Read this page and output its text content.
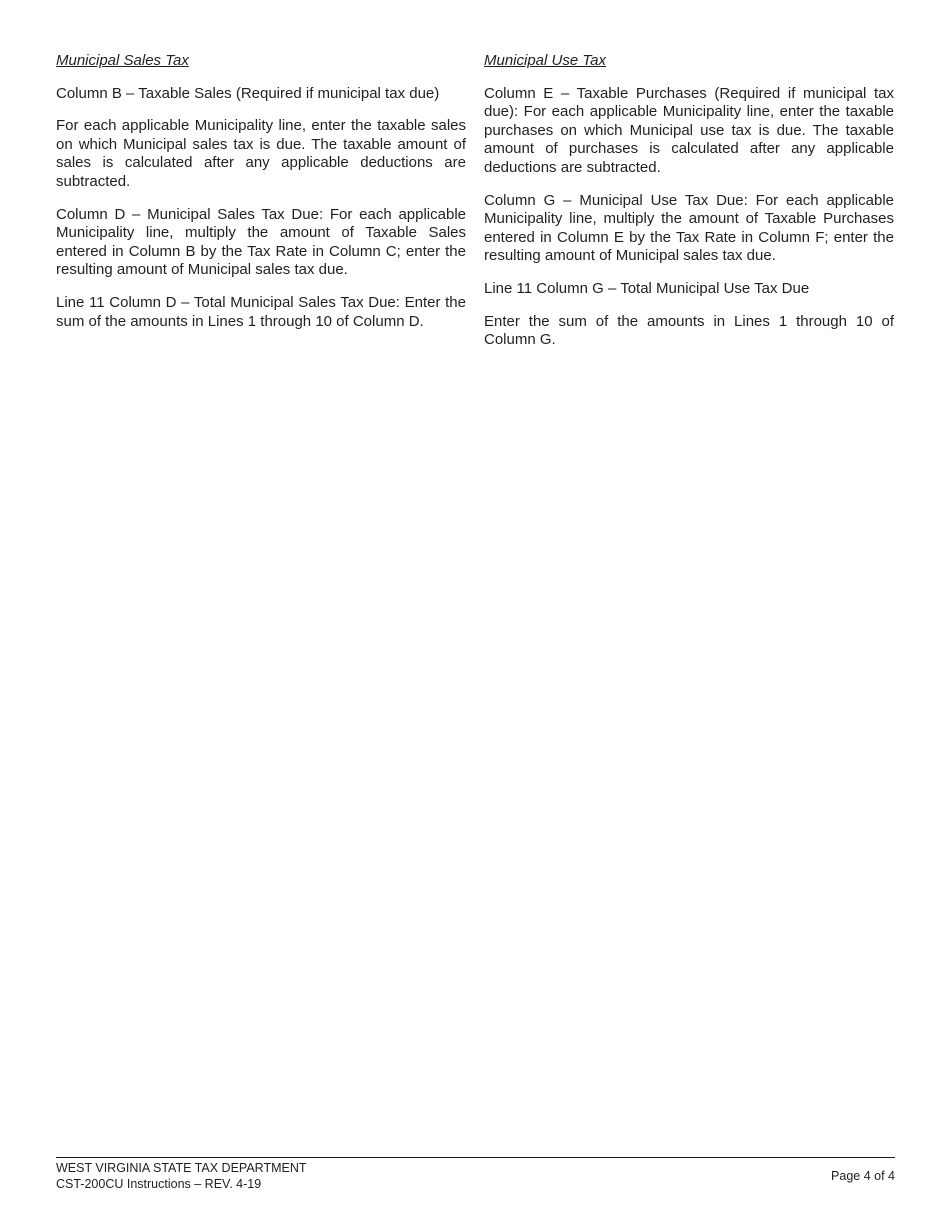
Municipal Sales Tax

Column B – Taxable Sales (Required if municipal tax due)

For each applicable Municipality line, enter the taxable sales on which Municipal sales tax is due. The taxable amount of sales is calculated after any applicable deductions are subtracted.

Column D – Municipal Sales Tax Due: For each applicable Municipality line, multiply the amount of Taxable Sales entered in Column B by the Tax Rate in Column C; enter the resulting amount of Municipal sales tax due.

Line 11 Column D – Total Municipal Sales Tax Due: Enter the sum of the amounts in Lines 1 through 10 of Column D.

Municipal Use Tax

Column E – Taxable Purchases (Required if municipal tax due): For each applicable Municipality line, enter the taxable purchases on which Municipal use tax is due. The taxable amount of purchases is calculated after any applicable deductions are subtracted.

Column G – Municipal Use Tax Due: For each applicable Municipality line, multiply the amount of Taxable Purchases entered in Column E by the Tax Rate in Column F; enter the resulting amount of Municipal sales tax due.

Line 11 Column G – Total Municipal Use Tax Due

Enter the sum of the amounts in Lines 1 through 10 of Column G.

WEST VIRGINIA STATE TAX DEPARTMENT
CST-200CU Instructions – REV. 4-19
Page 4 of 4
